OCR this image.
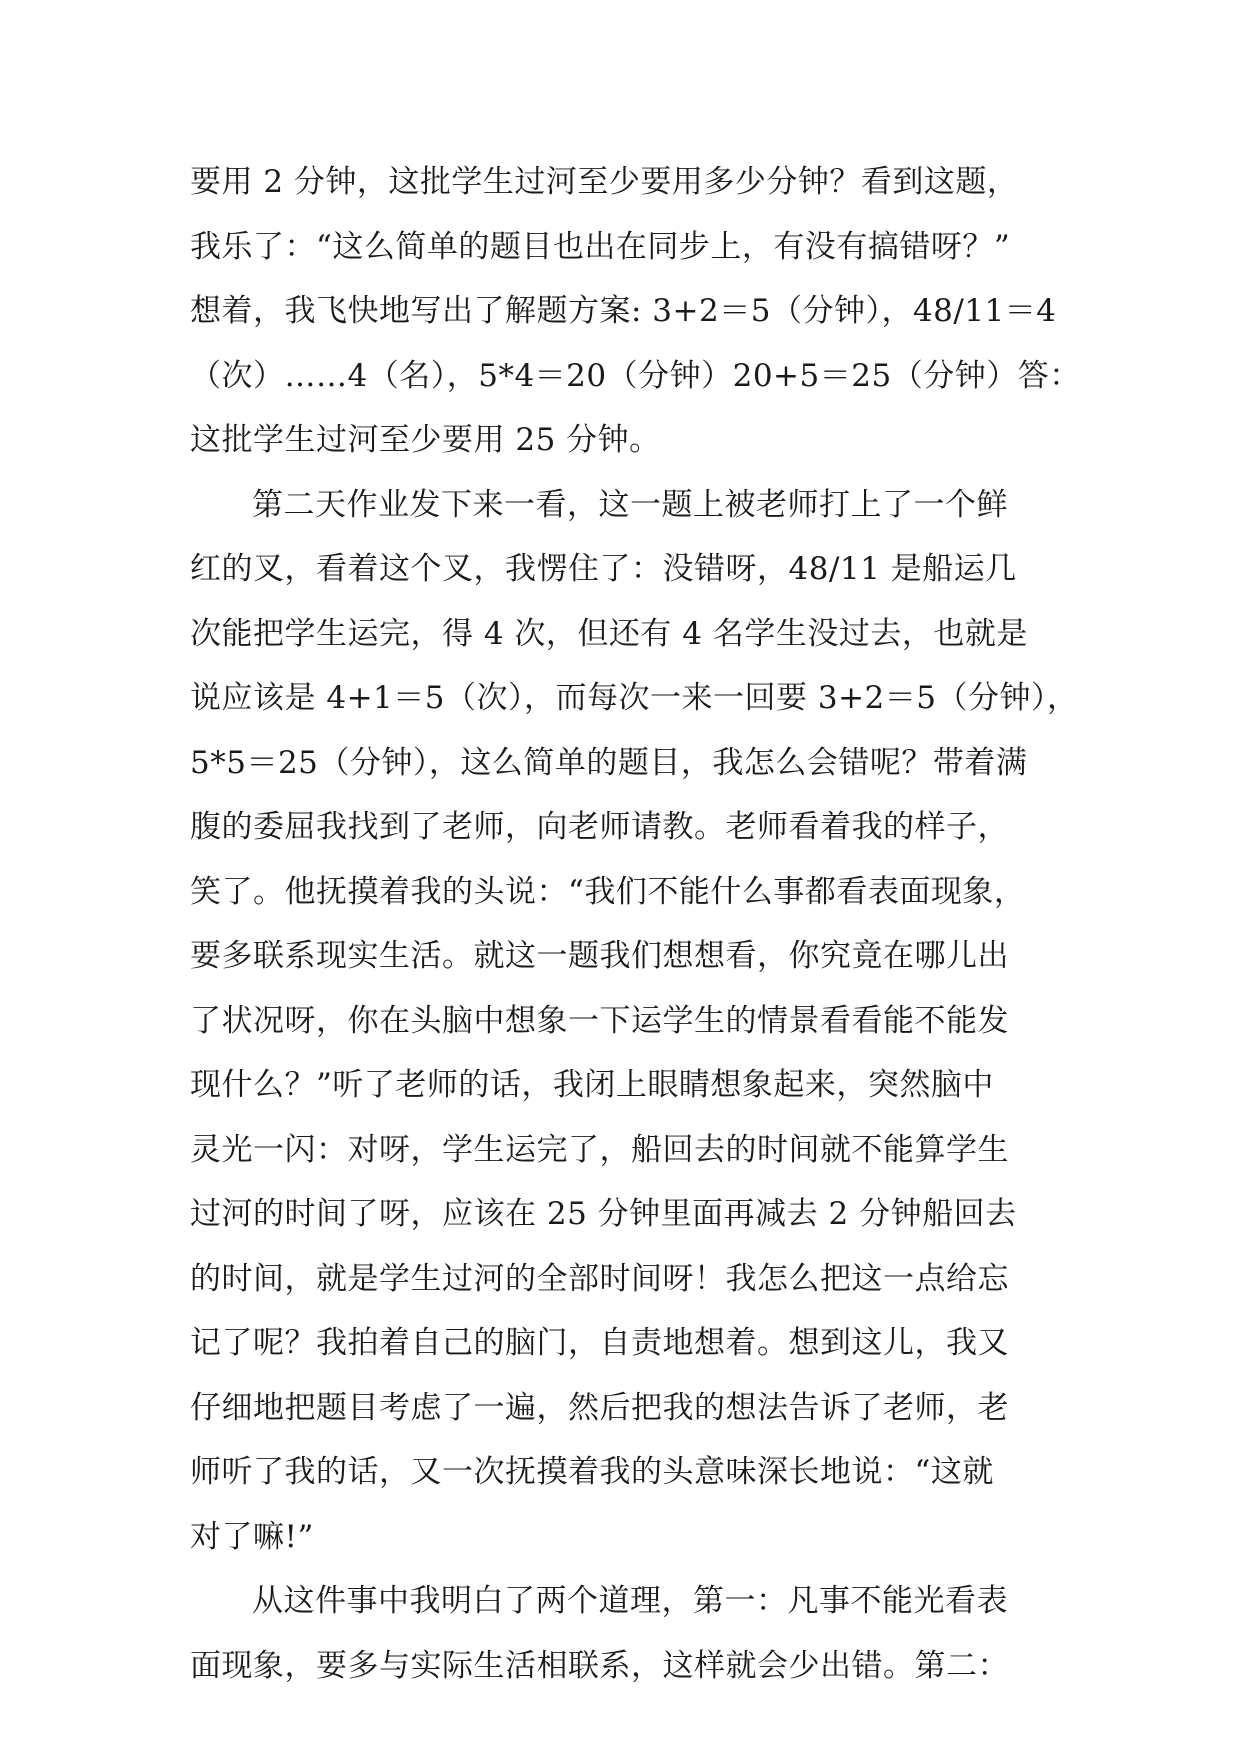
要用 2 分钟，这批学生过河至少要用多少分钟？看到这题，
我乐了：“这么简单的题目也出在同步上，有没有搞错呀？”
想着，我飞快地写出了解题方案: 3+2＝5（分钟），48/11＝4
（次）……4（名），5*4＝20（分钟）20+5＝25（分钟）答：
这批学生过河至少要用 25 分钟。
第二天作业发下来一看，这一题上被老师打上了一个鲜
红的叉，看着这个叉，我愣住了：没错呀，48/11 是船运几
次能把学生运完，得 4 次，但还有 4 名学生没过去，也就是
说应该是 4+1＝5（次），而每次一来一回要 3+2＝5（分钟），
5*5＝25（分钟），这么简单的题目，我怎么会错呢？带着满
腹的委屈我找到了老师，向老师请教。老师看着我的样子，
笑了。他抚摸着我的头说：“我们不能什么事都看表面现象，
要多联系现实生活。就这一题我们想想看，你究竟在哪儿出
了状况呀，你在头脑中想象一下运学生的情景看看能不能发
现什么？”听了老师的话，我闭上眼睛想象起来，突然脑中
灵光一闪：对呀，学生运完了，船回去的时间就不能算学生
过河的时间了呀，应该在 25 分钟里面再减去 2 分钟船回去
的时间，就是学生过河的全部时间呀！我怎么把这一点给忘
记了呢？我拍着自己的脑门，自责地想着。想到这儿，我又
仔细地把题目考虑了一遍，然后把我的想法告诉了老师，老
师听了我的话，又一次抚摸着我的头意味深长地说：“这就
对了嘛!”
从这件事中我明白了两个道理，第一：凡事不能光看表
面现象，要多与实际生活相联系，这样就会少出错。第二：
